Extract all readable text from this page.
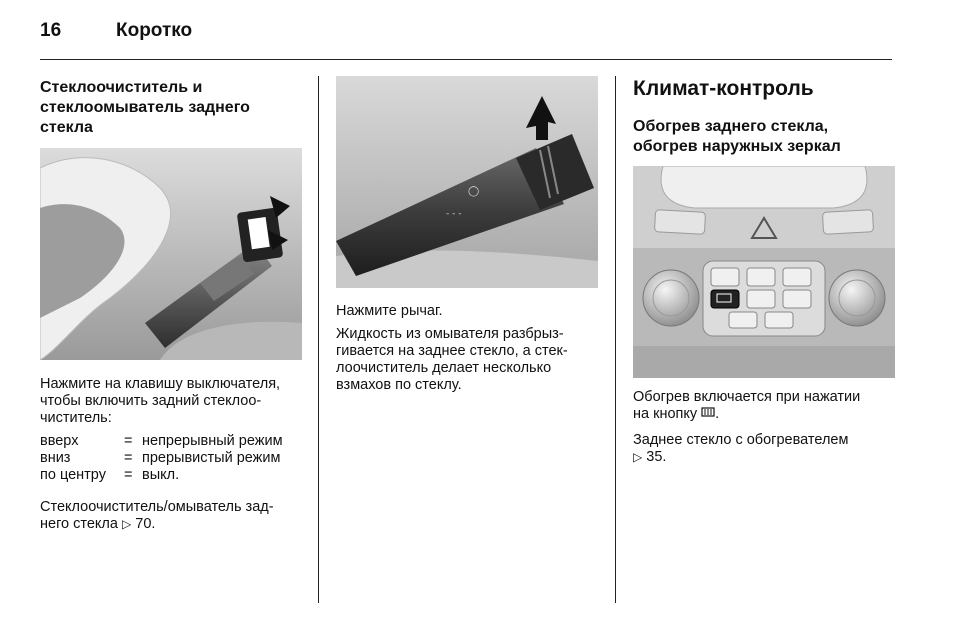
16	Коротко
Стеклоочиститель и
стеклоомыватель заднего
стекла

Нажмите на клавишу выключателя,
чтобы включить задний стеклоо-
чиститель:

вверх	= непрерывный режим
вниз	= прерывистый режим
по центру = выкл.

Стеклоочиститель/омыватель зад-
него стекла ▷ 70.

◯
- - -

Нажмите рычаг.

Жидкость из омывателя разбрыз-
гивается на заднее стекло, а стек-
лоочиститель делает несколько
взмахов по стеклу.

Климат-контроль
Обогрев заднего стекла,
обогрев наружных зеркал

Обогрев включается при нажатии
на кнопку .

Заднее стекло с обогревателем
▷ 35.
